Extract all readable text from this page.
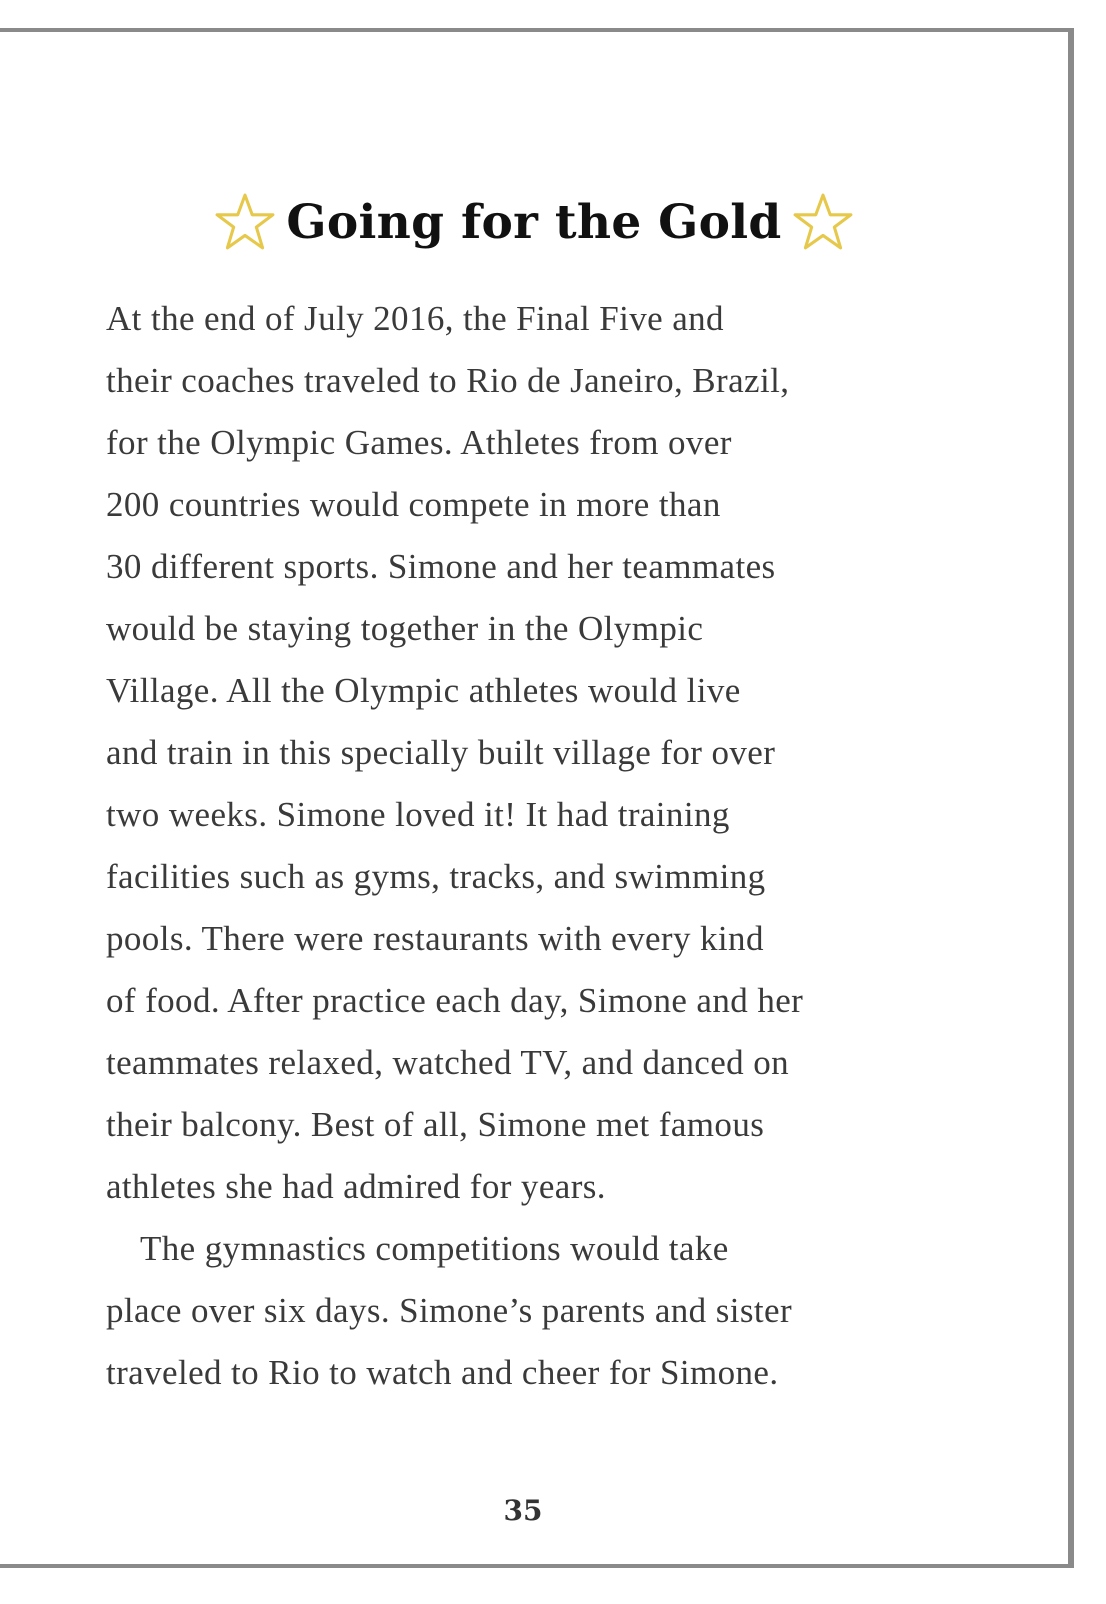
Going for the Gold

At the end of July 2016, the Final Five and
their coaches traveled to Rio de Janeiro, Brazil,
for the Olympic Games. Athletes from over
200 countries would compete in more than
30 different sports. Simone and her teammates
would be staying together in the Olympic
Village. All the Olympic athletes would live
and train in this specially built village for over
two weeks. Simone loved it! It had training
facilities such as gyms, tracks, and swimming
pools. There were restaurants with every kind
of food. After practice each day, Simone and her
teammates relaxed, watched TV, and danced on
their balcony. Best of all, Simone met famous
athletes she had admired for years.
The gymnastics competitions would take
place over six days. Simone’s parents and sister
traveled to Rio to watch and cheer for Simone.

35
